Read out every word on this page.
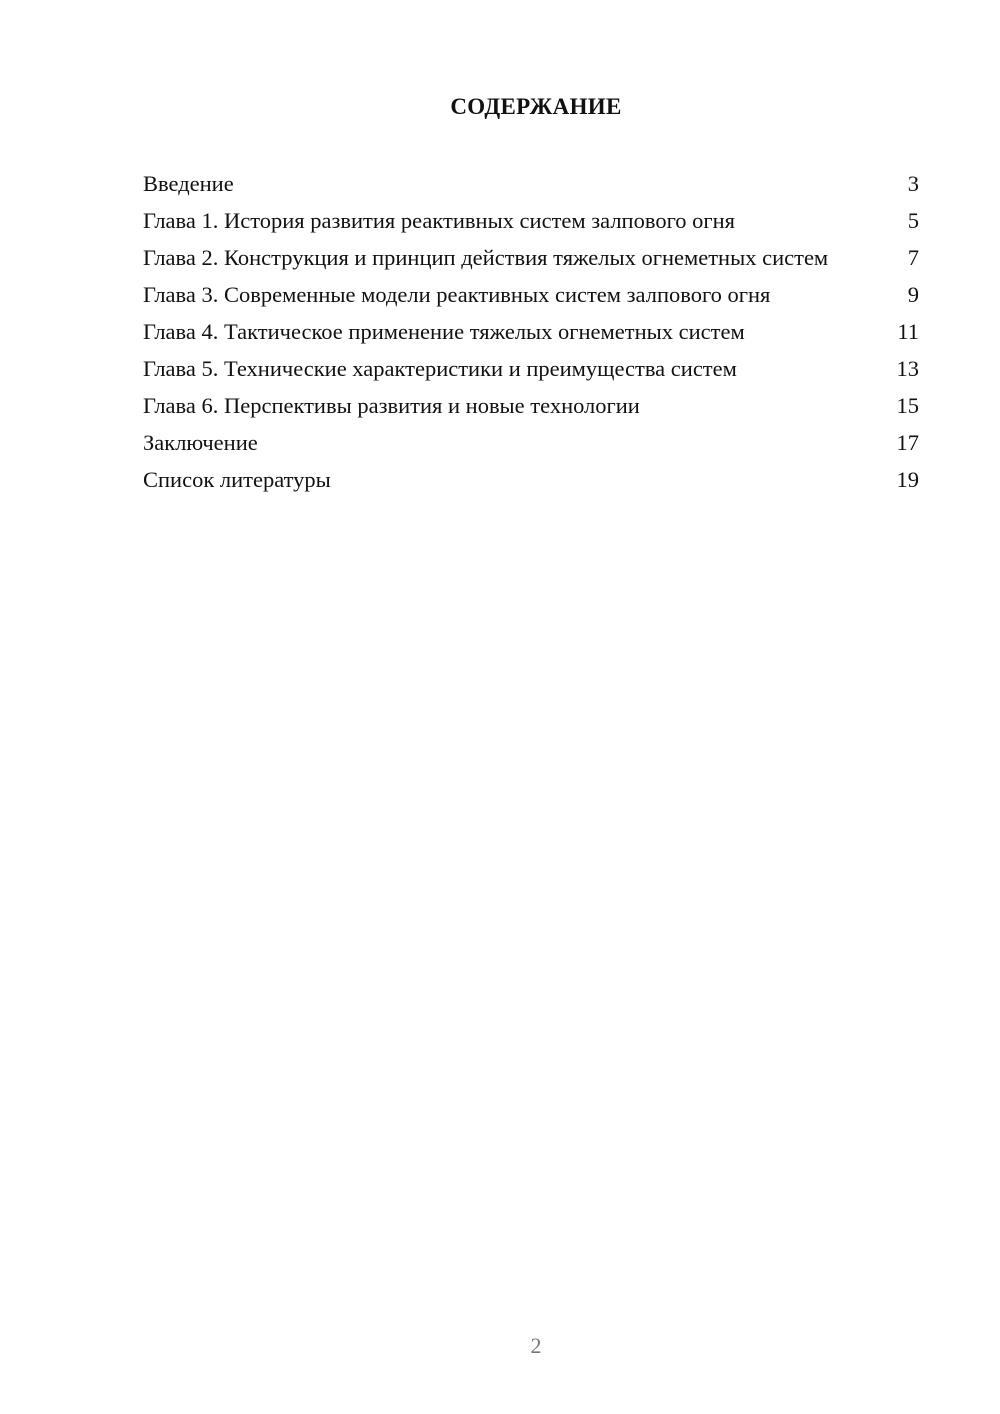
СОДЕРЖАНИЕ
Введение	3
Глава 1. История развития реактивных систем залпового огня	5
Глава 2. Конструкция и принцип действия тяжелых огнеметных систем	7
Глава 3. Современные модели реактивных систем залпового огня	9
Глава 4. Тактическое применение тяжелых огнеметных систем	11
Глава 5. Технические характеристики и преимущества систем	13
Глава 6. Перспективы развития и новые технологии	15
Заключение	17
Список литературы	19
2
